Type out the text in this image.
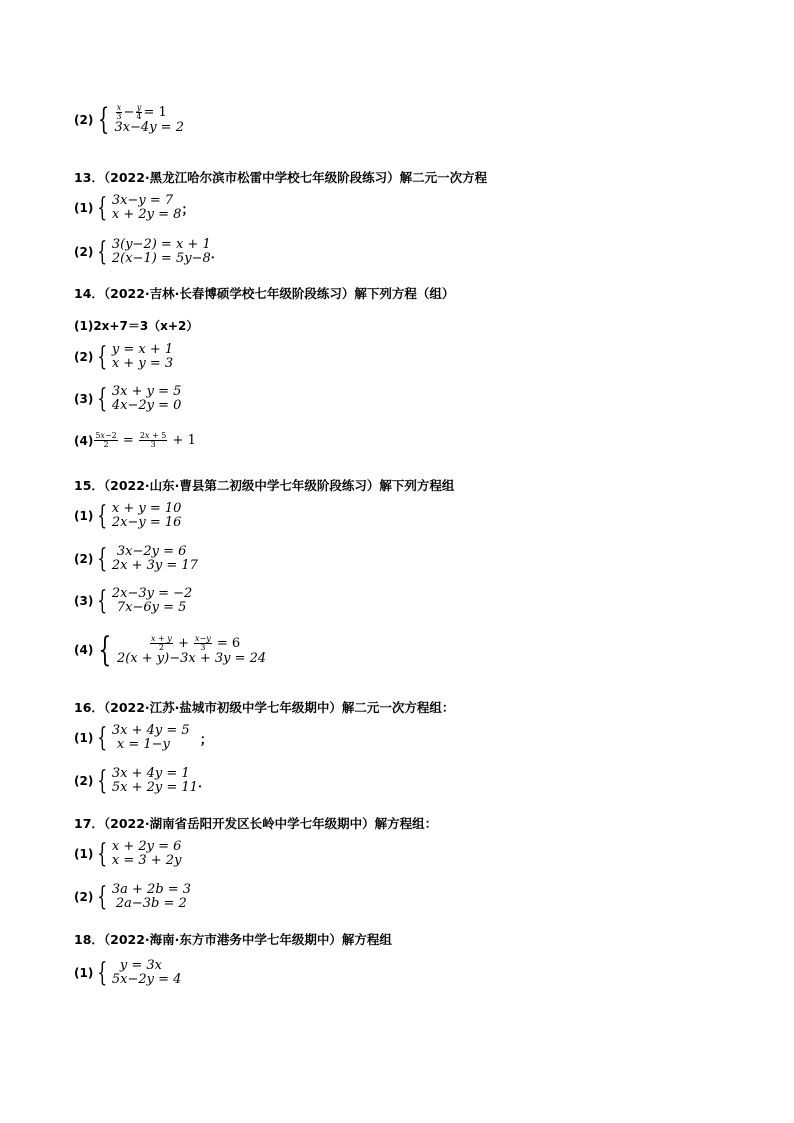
(2) { $\frac{x}{3} - \frac{y}{4} = 1$
3x−4y = 2
13．（2022·黑龙江哈尔滨市松雷中学校七年级阶段练习）解二元一次方程
(1) { 3x−y = 7
x + 2y = 8 ；
(2) { 3(y−2) = x + 1
2(x−1) = 5y−8 ．
14．（2022·吉林·长春博硕学校七年级阶段练习）解下列方程（组）
(1) 2x+7＝3（x+2）
(2) { y = x + 1
x + y = 3
(3) { 3x + y = 5
4x−2y = 0
$(4) \frac{5x-2}{2} = \frac{2x + 5}{3} + 1$
15．（2022·山东·曹县第二初级中学七年级阶段练习）解下列方程组
(1) { x + y = 10
2x−y = 16
(2) { 3x−2y = 6
2x + 3y = 17
(3) { 2x−3y = −2
7x−6y = 5
(4) {	$\frac{x + y}{2} + \frac{x-y}{3} = 6$
2(x + y)−3x + 3y = 24
16．（2022·江苏·盐城市初级中学七年级期中）解二元一次方程组：
(1) { 3x + 4y = 5
x = 1−y	；
(2) { 3x + 4y = 1
5x + 2y = 11 ．
17．（2022·湖南省岳阳开发区长岭中学七年级期中）解方程组：
(1) { x + 2y = 6
x = 3 + 2y
(2) { 3a + 2b = 3
2a−3b = 2
18．（2022·海南·东方市港务中学七年级期中）解方程组
(1) { y = 3x
5x−2y = 4
